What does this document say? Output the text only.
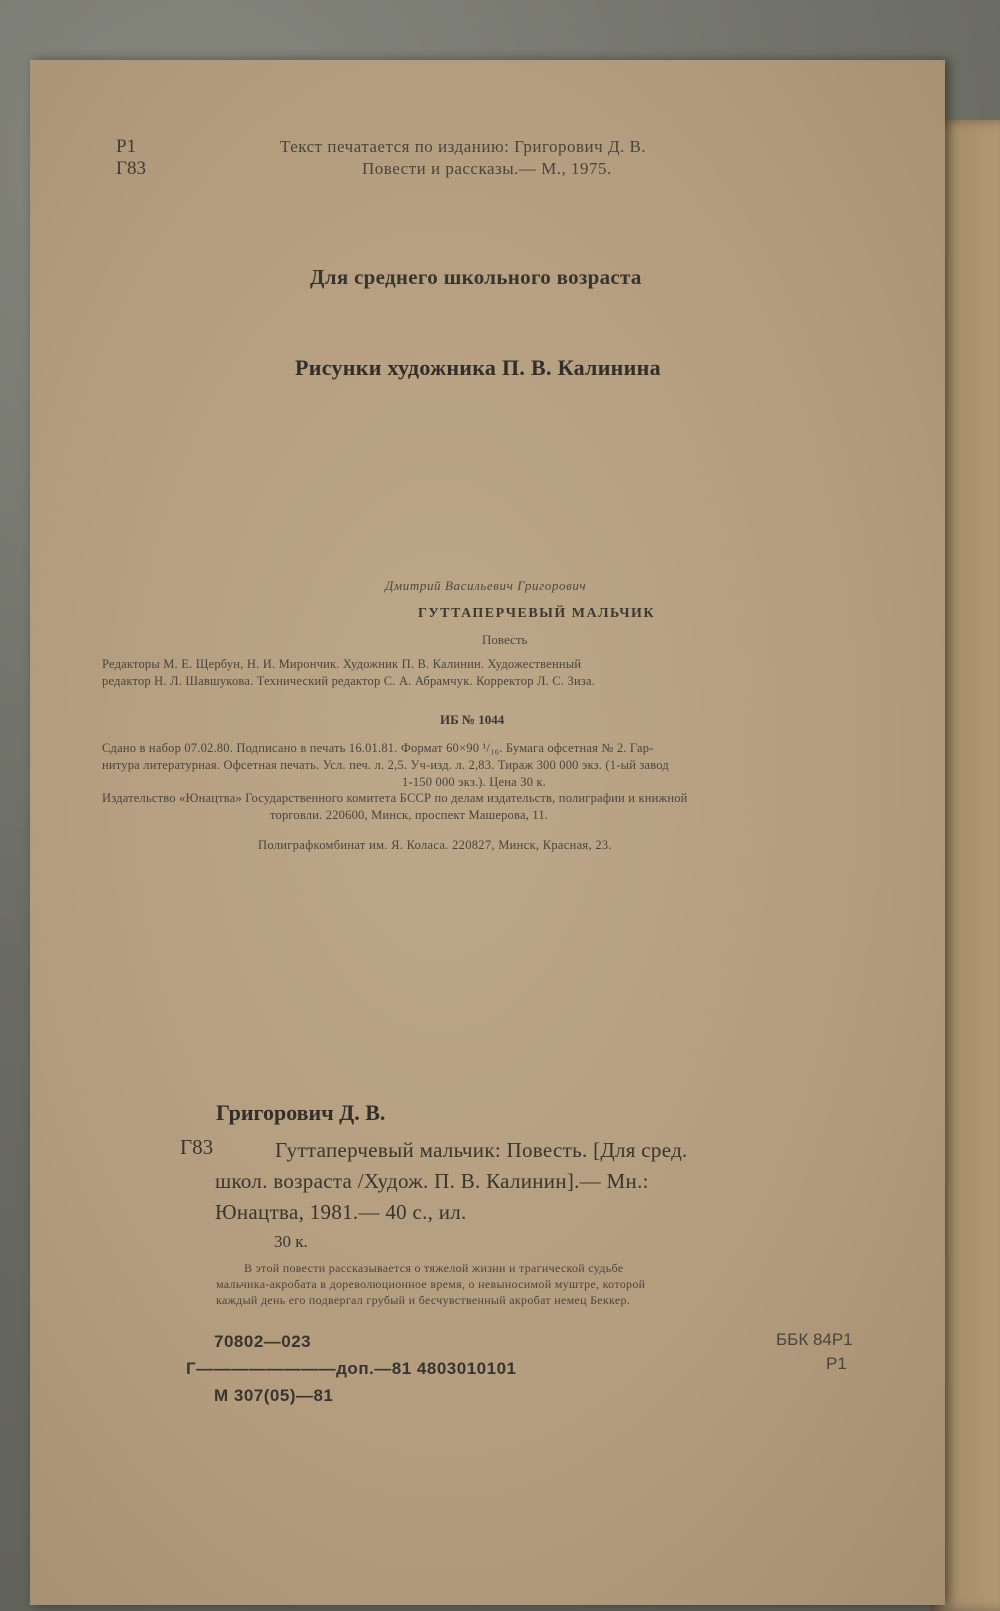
Р1
Г83
Текст печатается по изданию: Григорович Д. В.
Повести и рассказы.— М., 1975.
Для среднего школьного возраста
Рисунки художника П. В. Калинина
Дмитрий Васильевич Григорович
ГУТТАПЕРЧЕВЫЙ МАЛЬЧИК
Повесть
Редакторы М. Е. Щербун, Н. И. Мирончик. Художник П. В. Калинин. Художественный
редактор Н. Л. Шавшукова. Технический редактор С. А. Абрамчук. Корректор Л. С. Зиза.
ИБ № 1044
Сдано в набор 07.02.80. Подписано в печать 16.01.81. Формат 60×90 ¹/₁₆. Бумага офсетная № 2. Гар-
нитура литературная. Офсетная печать. Усл. печ. л. 2,5. Уч-изд. л. 2,83. Тираж 300 000 экз. (1-ый завод
1-150 000 экз.). Цена 30 к.
Издательство «Юнацтва» Государственного комитета БССР по делам издательств, полиграфии и книжной
торговли. 220600, Минск, проспект Машерова, 11.
Полиграфкомбинат им. Я. Коласа. 220827, Минск, Красная, 23.
Григорович Д. В.
Г83	Гуттаперчевый мальчик: Повесть. [Для сред.
школ. возраста /Худож. П. В. Калинин].— Мн.:
Юнацтва, 1981.— 40 с., ил.
30 к.
В этой повести рассказывается о тяжелой жизни и трагической судьбе
мальчика-акробата в дореволюционное время, о невыносимой муштре, которой
каждый день его подвергал грубый и бесчувственный акробат немец Беккер.
70802—023
Г————————доп.—81 4803010101
М 307(05)—81
ББК 84Р1
Р1
